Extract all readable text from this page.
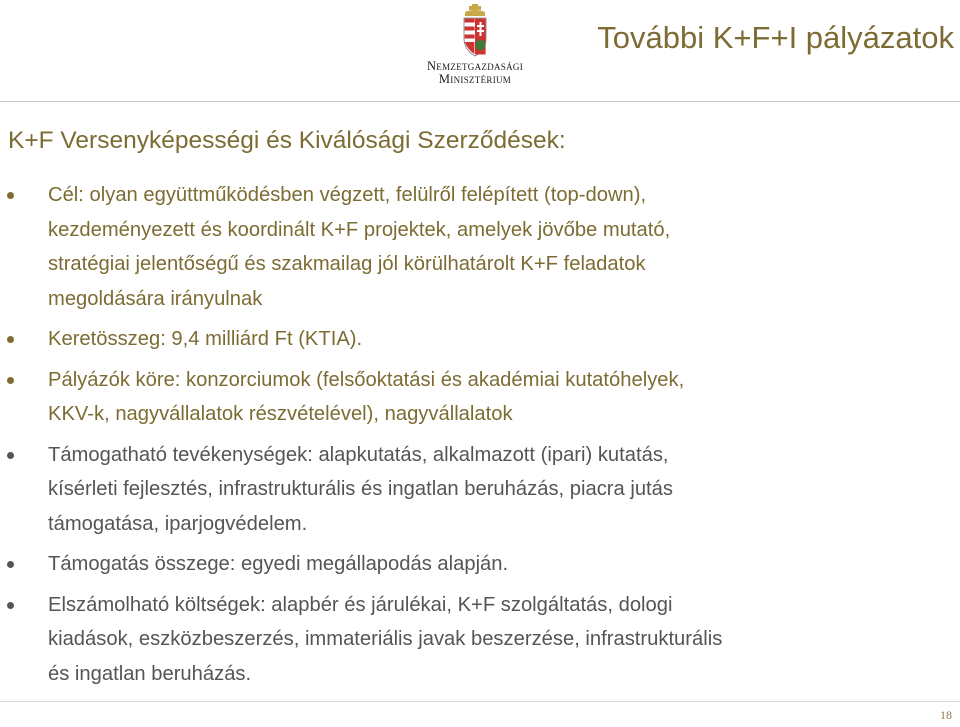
Nemzetgazdasági
Minisztérium
További K+F+I pályázatok
K+F Versenyképességi és Kiválósági Szerződések:
Cél: olyan együttműködésben végzett, felülről felépített (top-down),
kezdeményezett és koordinált K+F projektek, amelyek jövőbe mutató,
stratégiai jelentőségű és szakmailag jól körülhatárolt K+F feladatok
megoldására irányulnak
Keretösszeg: 9,4 milliárd Ft (KTIA).
Pályázók köre: konzorciumok (felsőoktatási és akadémiai kutatóhelyek,
KKV-k, nagyvállalatok részvételével), nagyvállalatok
Támogatható tevékenységek: alapkutatás, alkalmazott (ipari) kutatás,
kísérleti fejlesztés, infrastrukturális és ingatlan beruházás, piacra jutás
támogatása, iparjogvédelem.
Támogatás összege: egyedi megállapodás alapján.
Elszámolható költségek: alapbér és járulékai, K+F szolgáltatás, dologi
kiadások, eszközbeszerzés, immateriális javak beszerzése, infrastrukturális
és ingatlan beruházás.
18
